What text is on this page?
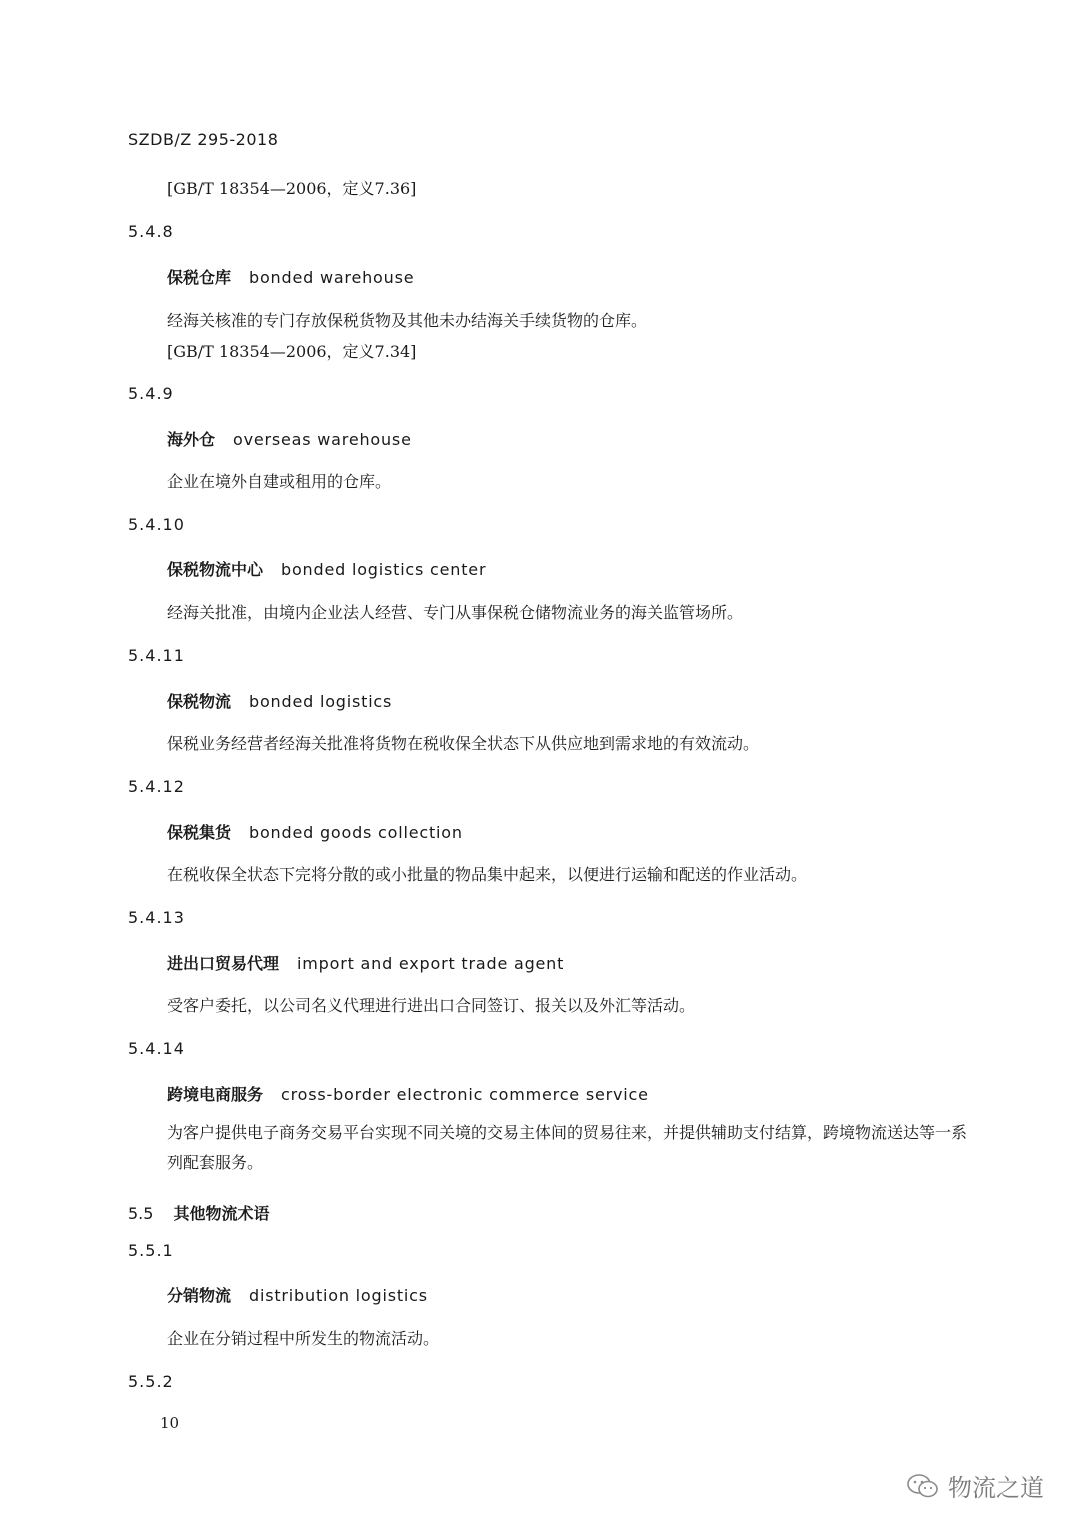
SZDB/Z 295-2018
[GB/T 18354—2006，定义7.36]
5.4.8
保税仓库 bonded warehouse
经海关核准的专门存放保税货物及其他未办结海关手续货物的仓库。
[GB/T 18354—2006，定义7.34]
5.4.9
海外仓 overseas warehouse
企业在境外自建或租用的仓库。
5.4.10
保税物流中心 bonded logistics center
经海关批准，由境内企业法人经营、专门从事保税仓储物流业务的海关监管场所。
5.4.11
保税物流 bonded logistics
保税业务经营者经海关批准将货物在税收保全状态下从供应地到需求地的有效流动。
5.4.12
保税集货 bonded goods collection
在税收保全状态下完将分散的或小批量的物品集中起来，以便进行运输和配送的作业活动。
5.4.13
进出口贸易代理 import and export trade agent
受客户委托，以公司名义代理进行进出口合同签订、报关以及外汇等活动。
5.4.14
跨境电商服务 cross-border electronic commerce service
为客户提供电子商务交易平台实现不同关境的交易主体间的贸易往来，并提供辅助支付结算，跨境物流送达等一系列配套服务。
5.5 其他物流术语
5.5.1
分销物流 distribution logistics
企业在分销过程中所发生的物流活动。
5.5.2
10
物流之道
